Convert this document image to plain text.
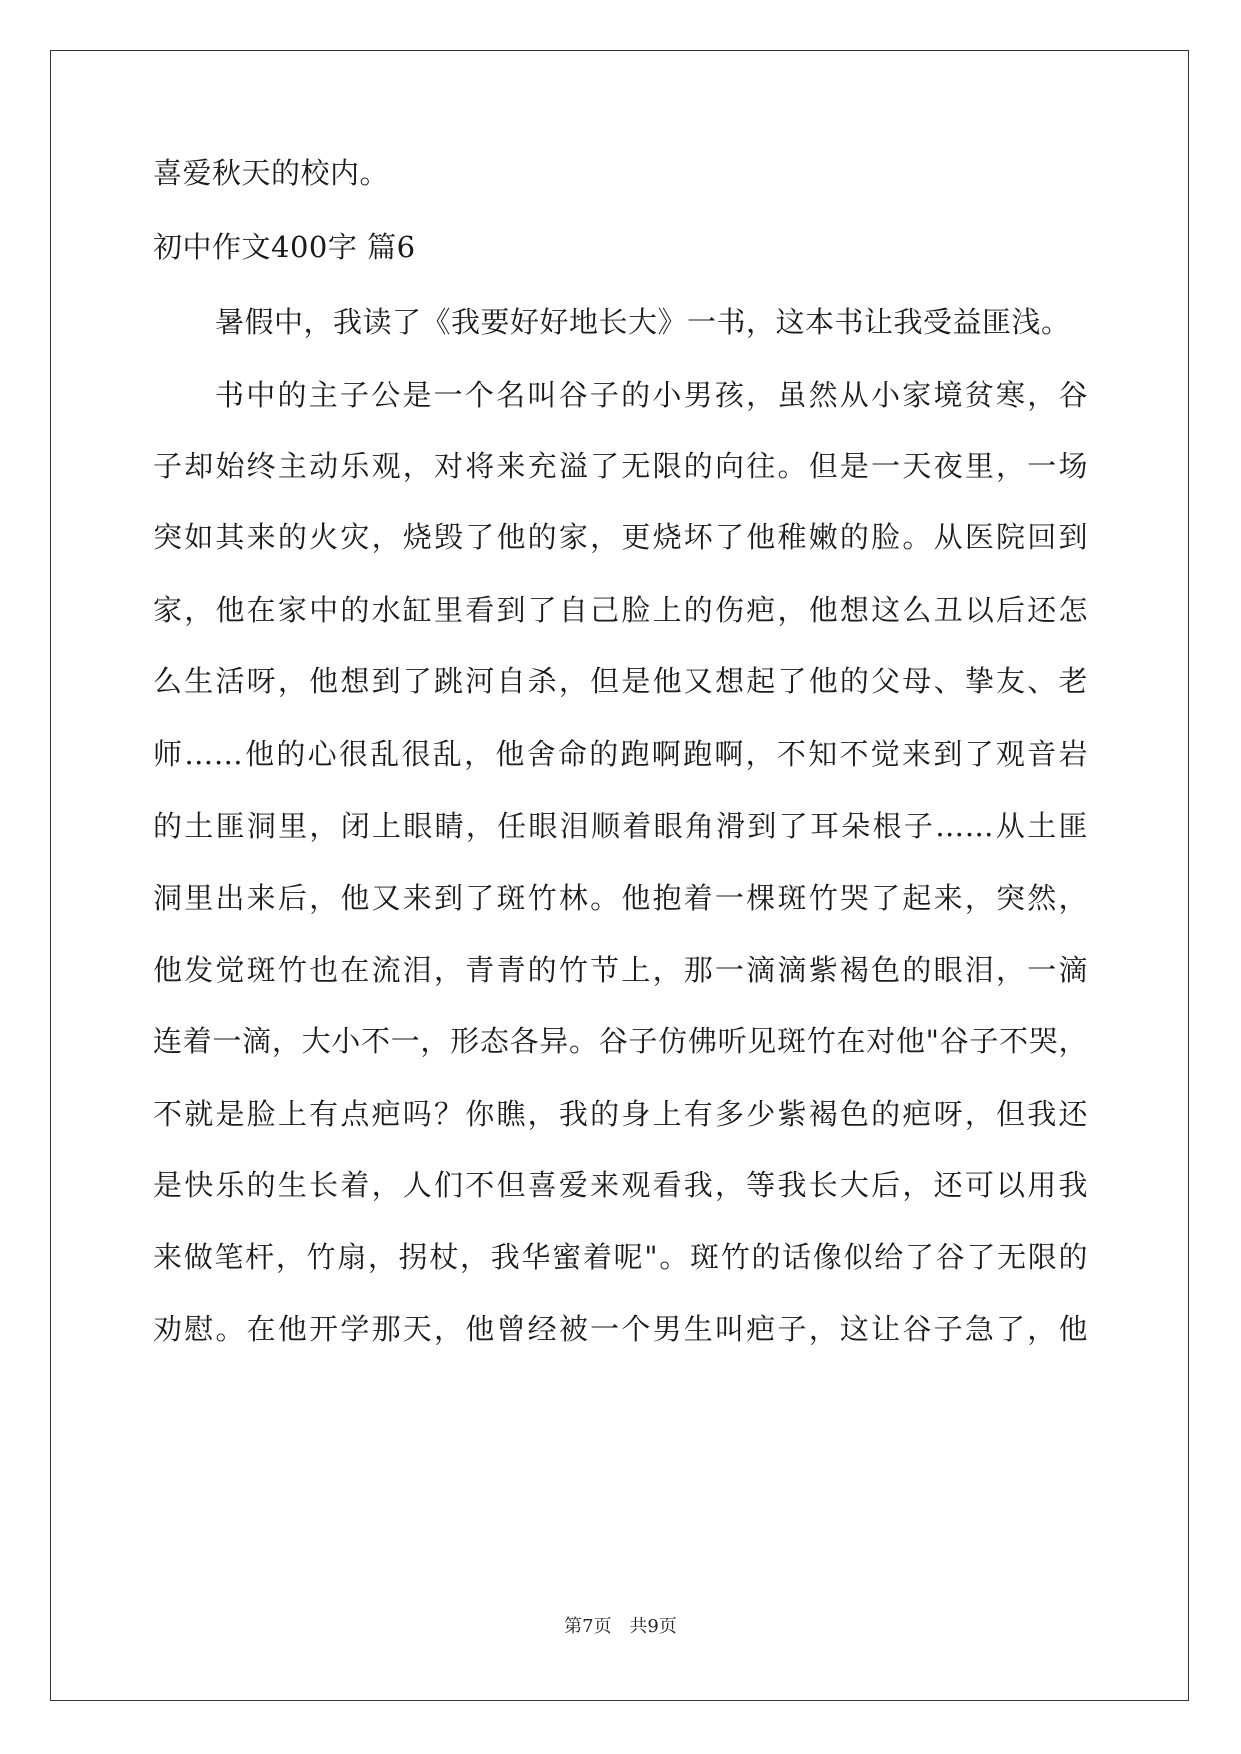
喜爱秋天的校内。
初中作文400字 篇6
暑假中，我读了《我要好好地长大》一书，这本书让我受益匪浅。
书中的主子公是一个名叫谷子的小男孩，虽然从小家境贫寒，谷
子却始终主动乐观，对将来充溢了无限的向往。但是一天夜里，一场
突如其来的火灾，烧毁了他的家，更烧坏了他稚嫩的脸。从医院回到
家，他在家中的水缸里看到了自己脸上的伤疤，他想这么丑以后还怎
么生活呀，他想到了跳河自杀，但是他又想起了他的父母、挚友、老
师……他的心很乱很乱，他舍命的跑啊跑啊，不知不觉来到了观音岩
的土匪洞里，闭上眼睛，任眼泪顺着眼角滑到了耳朵根子……从土匪
洞里出来后，他又来到了斑竹林。他抱着一棵斑竹哭了起来，突然，
他发觉斑竹也在流泪，青青的竹节上，那一滴滴紫褐色的眼泪，一滴
连着一滴，大小不一，形态各异。谷子仿佛听见斑竹在对他"谷子不哭，
不就是脸上有点疤吗？你瞧，我的身上有多少紫褐色的疤呀，但我还
是快乐的生长着，人们不但喜爱来观看我，等我长大后，还可以用我
来做笔杆，竹扇，拐杖，我华蜜着呢"。斑竹的话像似给了谷了无限的
劝慰。在他开学那天，他曾经被一个男生叫疤子，这让谷子急了，他
第7页 共9页
